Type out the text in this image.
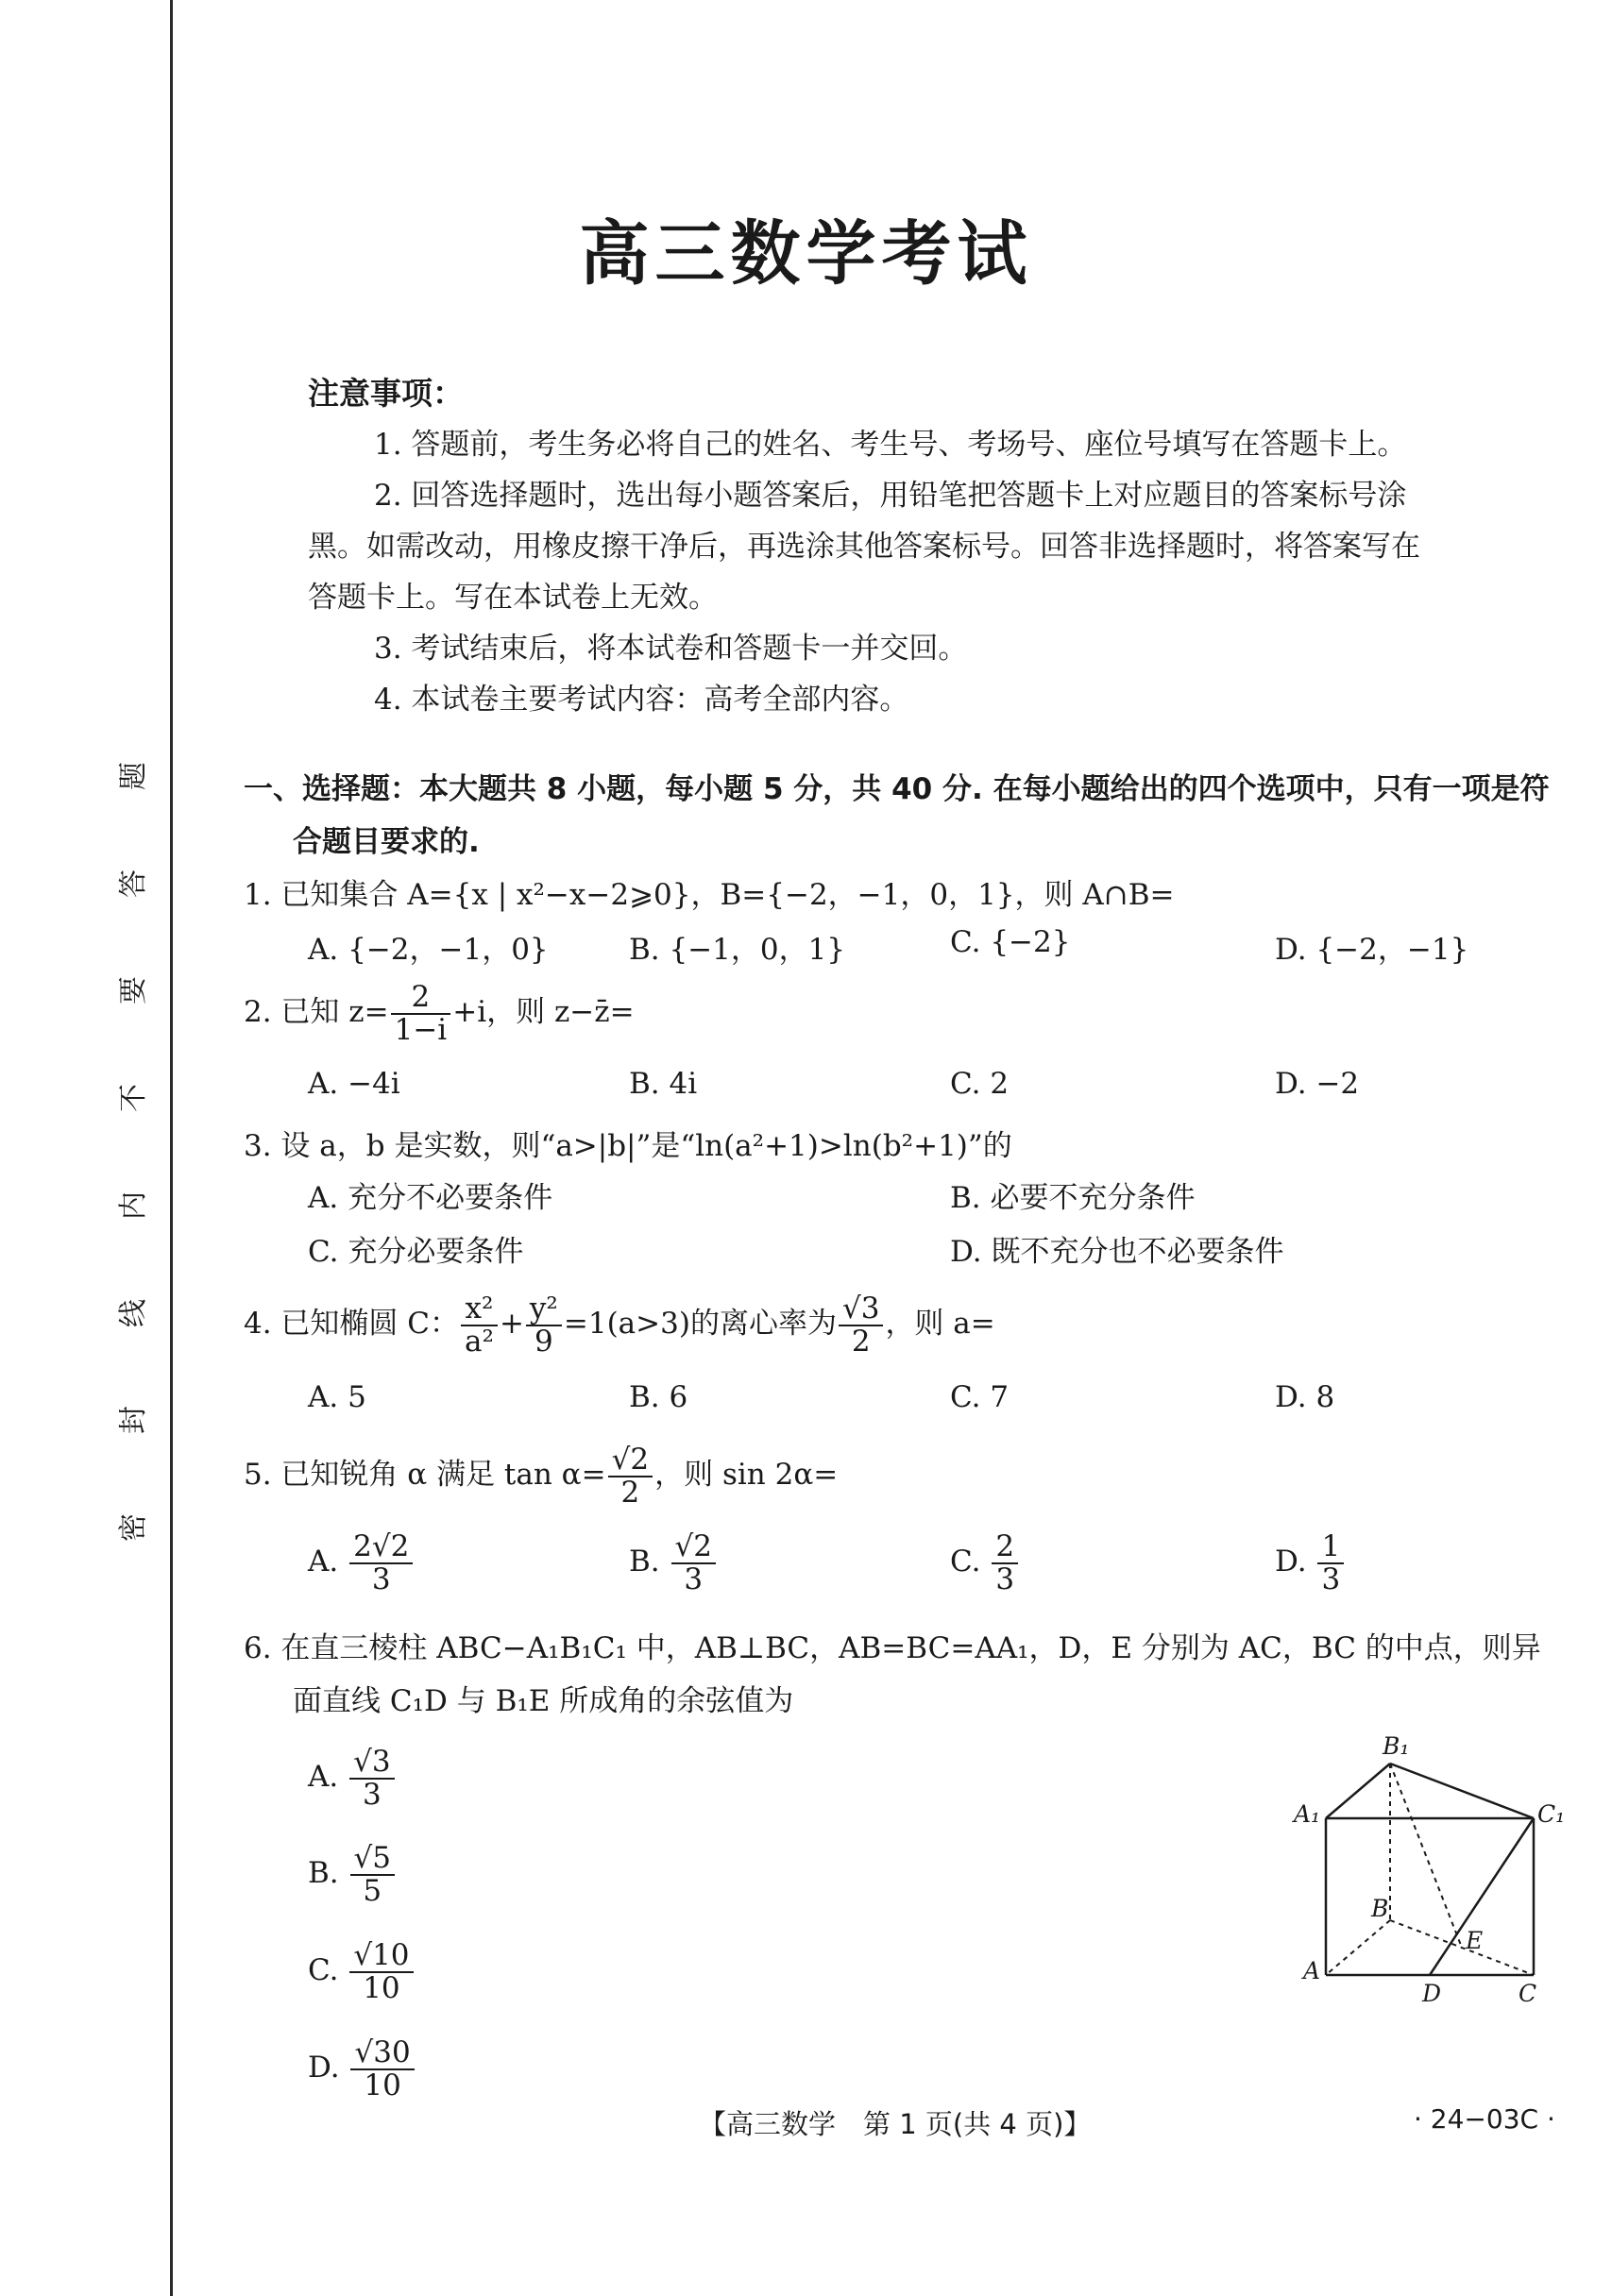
题
答
要
不
内
线
封
密
高三数学考试

注意事项：

1. 答题前，考生务必将自己的姓名、考生号、考场号、座位号填写在答题卡上。

2. 回答选择题时，选出每小题答案后，用铅笔把答题卡上对应题目的答案标号涂

黑。如需改动，用橡皮擦干净后，再选涂其他答案标号。回答非选择题时，将答案写在

答题卡上。写在本试卷上无效。

3. 考试结束后，将本试卷和答题卡一并交回。

4. 本试卷主要考试内容：高考全部内容。

一、选择题：本大题共 8 小题，每小题 5 分，共 40 分. 在每小题给出的四个选项中，只有一项是符
合题目要求的.
1. 已知集合 A={x | x²−x−2⩾0}，B={−2，−1，0，1}，则 A∩B=
A. {−2，−1，0}	B. {−1，0，1}	C. {−2}	D. {−2，−1}
2. 已知 $z= \frac{2}{1-i} +i$，则 z−z̄=
A. −4i	B. 4i	C. 2	D. −2
3. 设 a，b 是实数，则“a>|b|”是“ln(a²+1)>ln(b²+1)”的
A. 充分不必要条件	B. 必要不充分条件
C. 充分必要条件	D. 既不充分也不必要条件
4. 已知椭圆 C： $\frac{\text{x²}}{\text{a²}} + \frac{\text{y²}}{9} =1(a>3)$的离心率为 $\frac{√3}{2}$ ，则 a=
A. 5	B. 6	C. 7	D. 8
5. 已知锐角 α 满足 $\tan \alpha= \frac{√2}{2}$ ，则 sin 2α=
A. $\frac{2√2}{3}$	B. $\frac{√2}{3}$	C. $\frac{2}{3}$	D. $\frac{1}{3}$
6. 在直三棱柱 ABC−A₁B₁C₁ 中，AB⊥BC，AB=BC=AA₁，D，E 分别为 AC，BC 的中点，则异
面直线 C₁D 与 B₁E 所成角的余弦值为
A. $\frac{√3}{3}$
B. $\frac{√5}{5}$
C. $\frac{√10}{10}$
D. $\frac{√30}{10}$
B₁
A₁	C₁
B
E
A
D	C
【高三数学　第 1 页(共 4 页)】	· 24−03C ·
